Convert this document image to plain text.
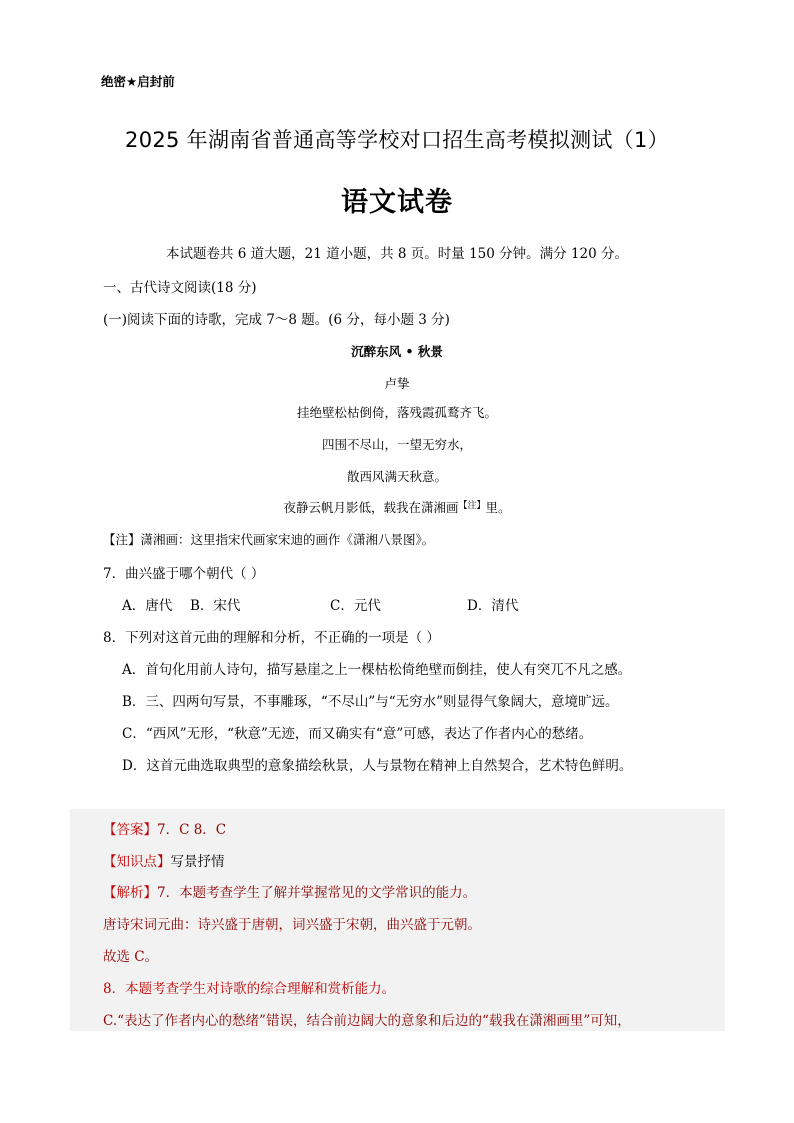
绝密★启封前
2025 年湖南省普通高等学校对口招生高考模拟测试（1）
语文试卷
本试题卷共 6 道大题，21 道小题，共 8 页。时量 150 分钟。满分 120 分。
一、古代诗文阅读(18 分)
(一)阅读下面的诗歌，完成 7～8 题。(6 分，每小题 3 分)
沉醉东风 • 秋景
卢挚
挂绝壁松枯倒倚，落残霞孤鹜齐飞。
四围不尽山，一望无穷水，
散西风满天秋意。
夜静云帆月影低，载我在潇湘画$^{【注】}$里。
【注】潇湘画：这里指宋代画家宋迪的画作《潇湘八景图》。
7．曲兴盛于哪个朝代（ ）
A．唐代 B．宋代	C．元代	D．清代
8．下列对这首元曲的理解和分析，不正确的一项是（ ）
A．首句化用前人诗句，描写悬崖之上一棵枯松倚绝壁而倒挂，使人有突兀不凡之感。
B．三、四两句写景，不事雕琢，“不尽山”与“无穷水”则显得气象阔大，意境旷远。
C．“西风”无形，“秋意”无迹，而又确实有“意”可感，表达了作者内心的愁绪。
D．这首元曲选取典型的意象描绘秋景，人与景物在精神上自然契合，艺术特色鲜明。
【答案】7．C 8．C
【知识点】写景抒情
【解析】7．本题考查学生了解并掌握常见的文学常识的能力。
唐诗宋词元曲：诗兴盛于唐朝，词兴盛于宋朝，曲兴盛于元朝。
故选 C。
8．本题考查学生对诗歌的综合理解和赏析能力。
C.“表达了作者内心的愁绪”错误，结合前边阔大的意象和后边的“载我在潇湘画里”可知，
